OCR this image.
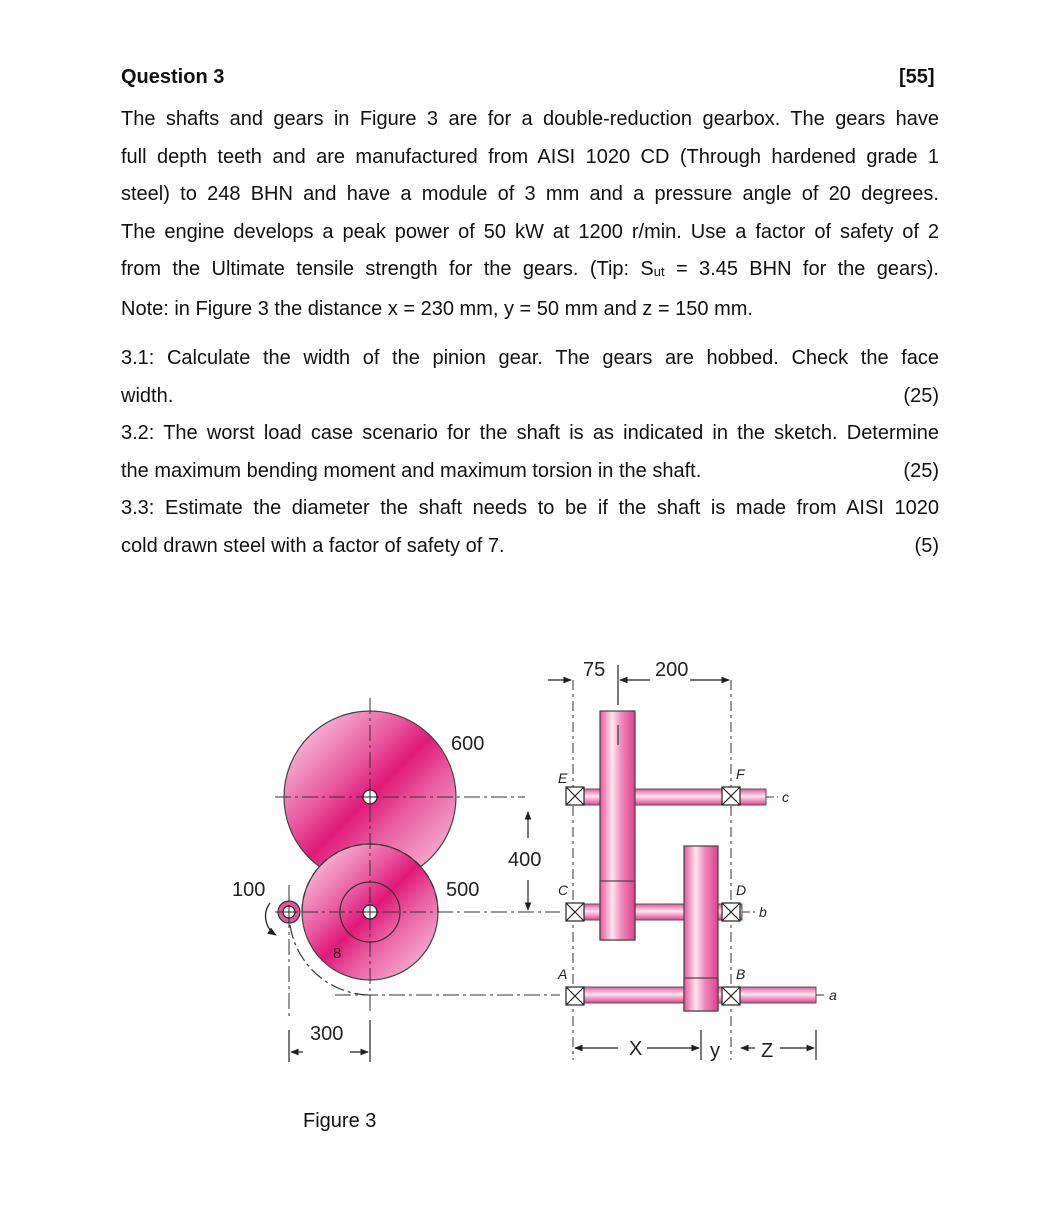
Question 3	[55]
The shafts and gears in Figure 3 are for a double-reduction gearbox. The gears have
full depth teeth and are manufactured from AISI 1020 CD (Through hardened grade 1
steel) to 248 BHN and have a module of 3 mm and a pressure angle of 20 degrees.
The engine develops a peak power of 50 kW at 1200 r/min. Use a factor of safety of 2
from the Ultimate tensile strength for the gears. (Tip: $S_{ut} = 3.45$ BHN for the gears).
Note: in Figure 3 the distance x = 230 mm, y = 50 mm and z = 150 mm.
3.1: Calculate the width of the pinion gear. The gears are hobbed. Check the face
width.	(25)
3.2: The worst load case scenario for the shaft is as indicated in the sketch. Determine
the maximum bending moment and maximum torsion in the shaft.	(25)
3.3: Estimate the diameter the shaft needs to be if the shaft is made from AISI 1020
cold drawn steel with a factor of safety of 7.	(5)
600
500
100
400
300
8
75 200
X	y Z
E	F
C	D
A	B
a
b
c
Figure 3
